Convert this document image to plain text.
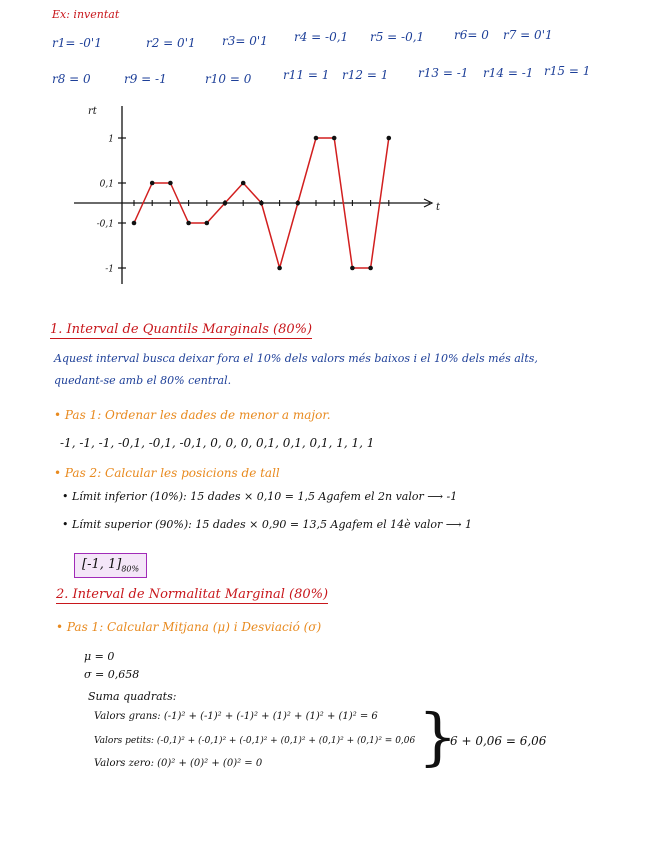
Ex: inventat
r1= -0'1	r2 = 0'1 r3= 0'1 r4 = -0,1 r5 = -0,1 r6= 0 r7 = 0'1
r8 = 0	r9 = -1	r10 = 0	r11 = 1 r12 = 1 r13 = -1 r14 = -1 r15 = 1
rt
t
1
0,1
-0,1
-1
1. Interval de Quantils Marginals (80%)
Aquest interval busca deixar fora el 10% dels valors més baixos i el 10% dels més alts,
quedant-se amb el 80% central.
• Pas 1: Ordenar les dades de menor a major.
-1, -1, -1, -0,1, -0,1, -0,1, 0, 0, 0, 0,1, 0,1, 0,1, 1, 1, 1
• Pas 2: Calcular les posicions de tall
• Límit inferior (10%): 15 dades × 0,10 = 1,5 Agafem el 2n valor ⟶ -1
• Límit superior (90%): 15 dades × 0,90 = 13,5 Agafem el 14è valor ⟶ 1
[-1, $1]_{80\%}$
2. Interval de Normalitat Marginal (80%)
• Pas 1: Calcular Mitjana (μ) i Desviació (σ)
μ = 0
σ = 0,658
Suma quadrats:
Valors grans: (-1)² + (-1)² + (-1)² + (1)² + (1)² + (1)² = 6
Valors petits: (-0,1)² + (-0,1)² + (-0,1)² + (0,1)² + (0,1)² + (0,1)² = 0,06
Valors zero: (0)² + (0)² + (0)² = 0	}
6 + 0,06 = 6,06
